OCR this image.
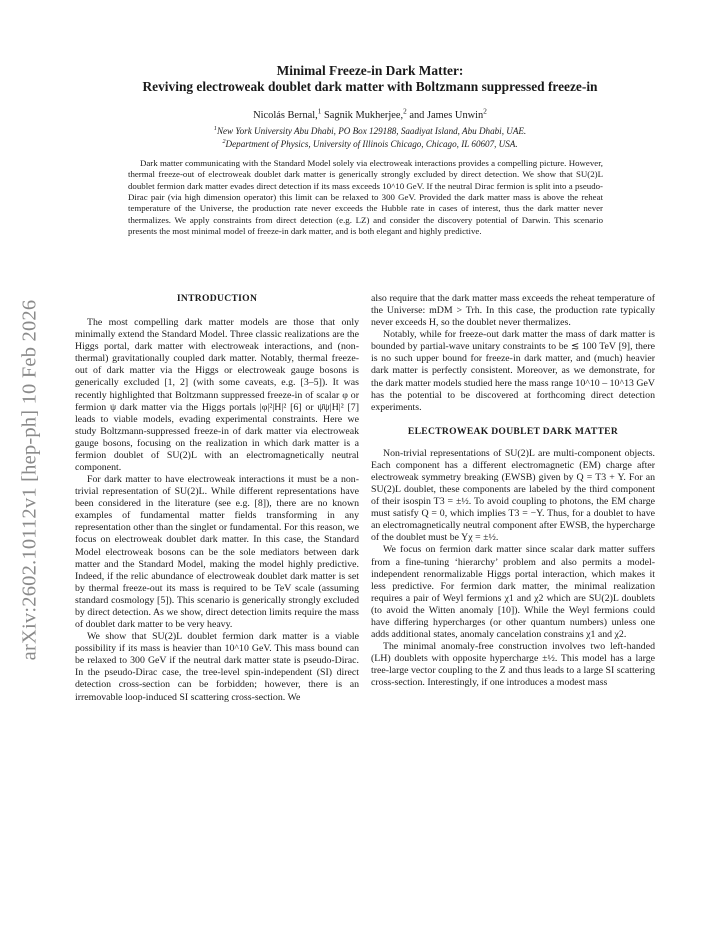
arXiv:2602.10112v1 [hep-ph] 10 Feb 2026
Minimal Freeze-in Dark Matter:
Reviving electroweak doublet dark matter with Boltzmann suppressed freeze-in
Nicolás Bernal,$^1$ Sagnik Mukherjee,$^2$ and James Unwin$^2$
$^1$New York University Abu Dhabi, PO Box 129188, Saadiyat Island, Abu Dhabi, UAE.
$^2$Department of Physics, University of Illinois Chicago, Chicago, IL 60607, USA.

Dark matter communicating with the Standard Model solely via electroweak interactions provides a compelling picture. However, thermal freeze-out of electroweak doublet dark matter is generically strongly excluded by direct detection. We show that SU(2)L doublet fermion dark matter evades direct detection if its mass exceeds 10^10 GeV. If the neutral Dirac fermion is split into a pseudo-Dirac pair (via high dimension operator) this limit can be relaxed to 300 GeV. Provided the dark matter mass is above the reheat temperature of the Universe, the production rate never exceeds the Hubble rate in cases of interest, thus the dark matter never thermalizes. We apply constraints from direct detection (e.g. LZ) and consider the discovery potential of Darwin. This scenario presents the most minimal model of freeze-in dark matter, and is both elegant and highly predictive.

INTRODUCTION

The most compelling dark matter models are those that only minimally extend the Standard Model. Three classic realizations are the Higgs portal, dark matter with electroweak interactions, and (non-thermal) gravitationally coupled dark matter. Notably, thermal freeze-out of dark matter via the Higgs or electroweak gauge bosons is generically excluded [1, 2] (with some caveats, e.g. [3–5]). It was recently highlighted that Boltzmann suppressed freeze-in of scalar φ or fermion ψ dark matter via the Higgs portals |φ|²|H|² [6] or ψ̄ψ|H|² [7] leads to viable models, evading experimental constraints. Here we study Boltzmann-suppressed freeze-in of dark matter via electroweak gauge bosons, focusing on the realization in which dark matter is a fermion doublet of SU(2)L with an electromagnetically neutral component.

For dark matter to have electroweak interactions it must be a non-trivial representation of SU(2)L. While different representations have been considered in the literature (see e.g. [8]), there are no known examples of fundamental matter fields transforming in any representation other than the singlet or fundamental. For this reason, we focus on electroweak doublet dark matter. In this case, the Standard Model electroweak bosons can be the sole mediators between dark matter and the Standard Model, making the model highly predictive. Indeed, if the relic abundance of electroweak doublet dark matter is set by thermal freeze-out its mass is required to be TeV scale (assuming standard cosmology [5]). This scenario is generically strongly excluded by direct detection. As we show, direct detection limits require the mass of doublet dark matter to be very heavy.

We show that SU(2)L doublet fermion dark matter is a viable possibility if its mass is heavier than 10^10 GeV. This mass bound can be relaxed to 300 GeV if the neutral dark matter state is pseudo-Dirac. In the pseudo-Dirac case, the tree-level spin-independent (SI) direct detection cross-section can be forbidden; however, there is an irremovable loop-induced SI scattering cross-section. We

also require that the dark matter mass exceeds the reheat temperature of the Universe: mDM > Trh. In this case, the production rate typically never exceeds H, so the doublet never thermalizes.

Notably, while for freeze-out dark matter the mass of dark matter is bounded by partial-wave unitary constraints to be ≲ 100 TeV [9], there is no such upper bound for freeze-in dark matter, and (much) heavier dark matter is perfectly consistent. Moreover, as we demonstrate, for the dark matter models studied here the mass range 10^10 – 10^13 GeV has the potential to be discovered at forthcoming direct detection experiments.

ELECTROWEAK DOUBLET DARK MATTER

Non-trivial representations of SU(2)L are multi-component objects. Each component has a different electromagnetic (EM) charge after electroweak symmetry breaking (EWSB) given by Q = T3 + Y. For an SU(2)L doublet, these components are labeled by the third component of their isospin T3 = ±½. To avoid coupling to photons, the EM charge must satisfy Q = 0, which implies T3 = −Y. Thus, for a doublet to have an electromagnetically neutral component after EWSB, the hypercharge of the doublet must be Yχ = ±½.

We focus on fermion dark matter since scalar dark matter suffers from a fine-tuning ‘hierarchy’ problem and also permits a model-independent renormalizable Higgs portal interaction, which makes it less predictive. For fermion dark matter, the minimal realization requires a pair of Weyl fermions χ1 and χ2 which are SU(2)L doublets (to avoid the Witten anomaly [10]). While the Weyl fermions could have differing hypercharges (or other quantum numbers) unless one adds additional states, anomaly cancelation constrains χ1 and χ2.

The minimal anomaly-free construction involves two left-handed (LH) doublets with opposite hypercharge ±½. This model has a large tree-large vector coupling to the Z and thus leads to a large SI scattering cross-section. Interestingly, if one introduces a modest mass
